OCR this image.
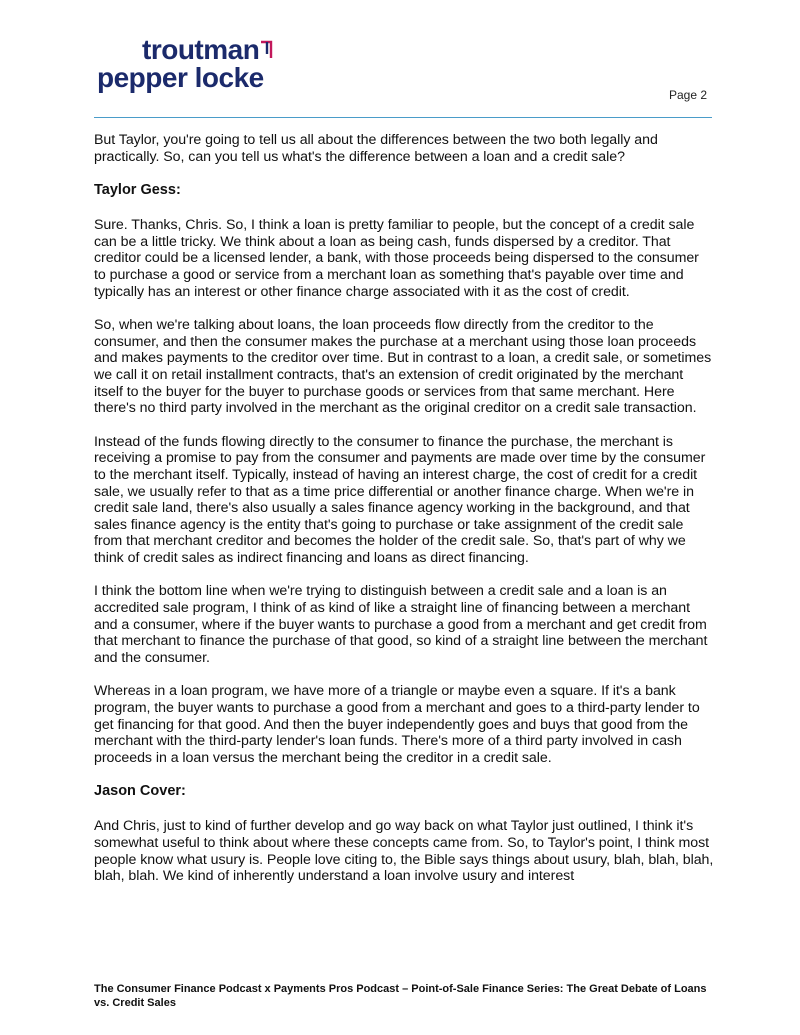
troutman
pepper locke
Page 2

But Taylor, you're going to tell us all about the differences between the two both legally and practically. So, can you tell us what's the difference between a loan and a credit sale?

Taylor Gess:

Sure. Thanks, Chris. So, I think a loan is pretty familiar to people, but the concept of a credit sale can be a little tricky. We think about a loan as being cash, funds dispersed by a creditor. That creditor could be a licensed lender, a bank, with those proceeds being dispersed to the consumer to purchase a good or service from a merchant loan as something that's payable over time and typically has an interest or other finance charge associated with it as the cost of credit.

So, when we're talking about loans, the loan proceeds flow directly from the creditor to the consumer, and then the consumer makes the purchase at a merchant using those loan proceeds and makes payments to the creditor over time. But in contrast to a loan, a credit sale, or sometimes we call it on retail installment contracts, that's an extension of credit originated by the merchant itself to the buyer for the buyer to purchase goods or services from that same merchant. Here there's no third party involved in the merchant as the original creditor on a credit sale transaction.

Instead of the funds flowing directly to the consumer to finance the purchase, the merchant is receiving a promise to pay from the consumer and payments are made over time by the consumer to the merchant itself. Typically, instead of having an interest charge, the cost of credit for a credit sale, we usually refer to that as a time price differential or another finance charge. When we're in credit sale land, there's also usually a sales finance agency working in the background, and that sales finance agency is the entity that's going to purchase or take assignment of the credit sale from that merchant creditor and becomes the holder of the credit sale. So, that's part of why we think of credit sales as indirect financing and loans as direct financing.

I think the bottom line when we're trying to distinguish between a credit sale and a loan is an accredited sale program, I think of as kind of like a straight line of financing between a merchant and a consumer, where if the buyer wants to purchase a good from a merchant and get credit from that merchant to finance the purchase of that good, so kind of a straight line between the merchant and the consumer.

Whereas in a loan program, we have more of a triangle or maybe even a square. If it's a bank program, the buyer wants to purchase a good from a merchant and goes to a third-party lender to get financing for that good. And then the buyer independently goes and buys that good from the merchant with the third-party lender's loan funds. There's more of a third party involved in cash proceeds in a loan versus the merchant being the creditor in a credit sale.

Jason Cover:

And Chris, just to kind of further develop and go way back on what Taylor just outlined, I think it's somewhat useful to think about where these concepts came from. So, to Taylor's point, I think most people know what usury is. People love citing to, the Bible says things about usury, blah, blah, blah, blah, blah. We kind of inherently understand a loan involve usury and interest

The Consumer Finance Podcast x Payments Pros Podcast – Point-of-Sale Finance Series: The Great Debate of Loans vs. Credit Sales
